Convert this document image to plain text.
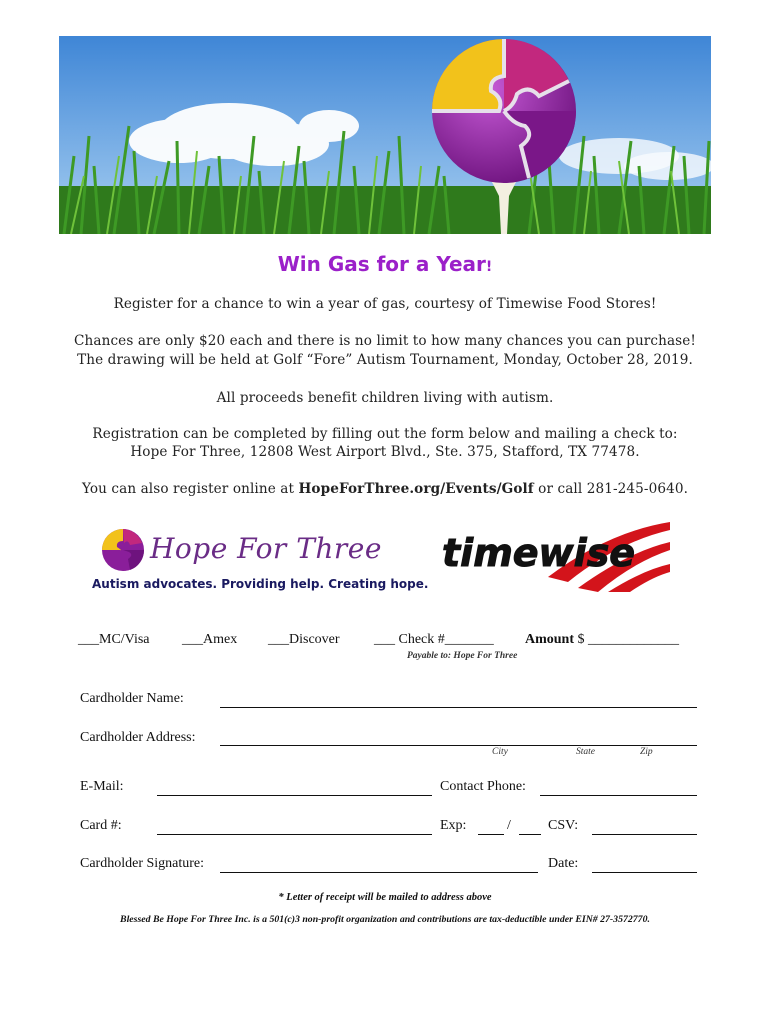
Win Gas for a Year!
Register for a chance to win a year of gas, courtesy of Timewise Food Stores!
Chances are only $20 each and there is no limit to how many chances you can purchase!
The drawing will be held at Golf “Fore” Autism Tournament, Monday, October 28, 2019.
All proceeds benefit children living with autism.
Registration can be completed by filling out the form below and mailing a check to:
Hope For Three, 12808 West Airport Blvd., Ste. 375, Stafford, TX 77478.
You can also register online at HopeForThree.org/Events/Golf or call 281-245-0640.
Hope For Three
Autism advocates. Providing help. Creating hope.
timewise
___MC/Visa ___Amex ___Discover ___ Check #_______ Amount $ _____________
Payable to: Hope For Three
Cardholder Name:
Cardholder Address:
City	State	Zip
E-Mail:	Contact Phone:
Card #:	Exp:	/	CSV:
Cardholder Signature:	Date:
* Letter of receipt will be mailed to address above
Blessed Be Hope For Three Inc. is a 501(c)3 non-profit organization and contributions are tax-deductible under EIN# 27-3572770.
